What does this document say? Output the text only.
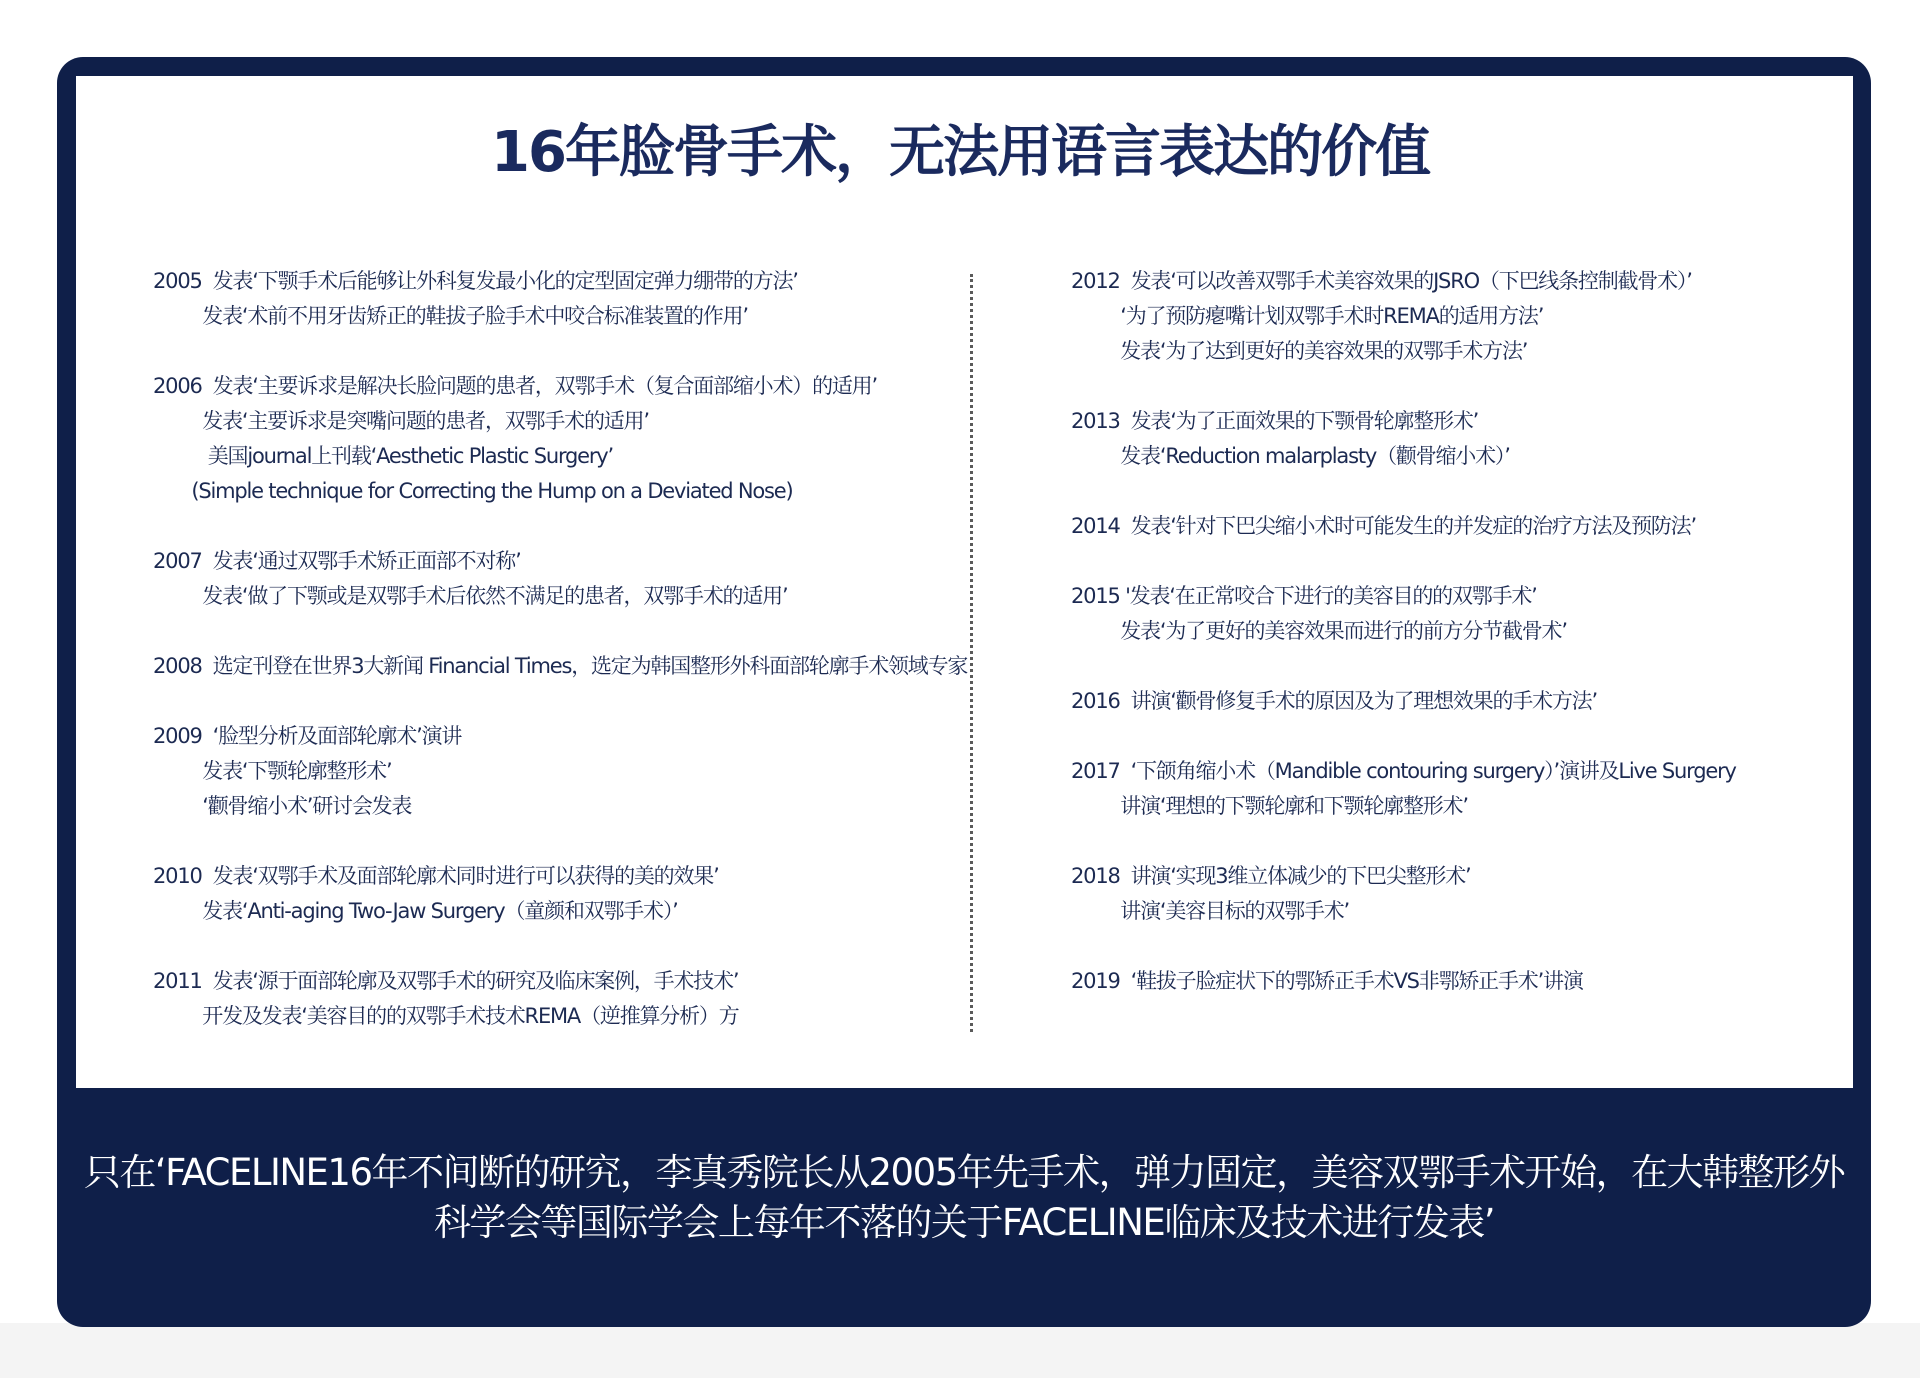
16年脸骨手术，无法用语言表达的价值
2005  发表‘下颚手术后能够让外科复发最小化的定型固定弹力绷带的方法’
发表‘术前不用牙齿矫正的鞋拔子脸手术中咬合标准装置的作用’
2006  发表‘主要诉求是解决长脸问题的患者，双鄂手术（复合面部缩小术）的适用’
发表‘主要诉求是突嘴问题的患者，双鄂手术的适用’
美国journal上刊载‘Aesthetic Plastic Surgery’
(Simple technique for Correcting the Hump on a Deviated Nose)
2007  发表‘通过双鄂手术矫正面部不对称’
发表‘做了下颚或是双鄂手术后依然不满足的患者，双鄂手术的适用’
2008  选定刊登在世界3大新闻 Financial Times，选定为韩国整形外科面部轮廓手术领域专家
2009  ‘脸型分析及面部轮廓术’演讲
发表‘下颚轮廓整形术’
‘颧骨缩小术’研讨会发表
2010  发表‘双鄂手术及面部轮廓术同时进行可以获得的美的效果’
发表‘Anti-aging Two-Jaw Surgery（童颜和双鄂手术）’
2011  发表‘源于面部轮廓及双鄂手术的研究及临床案例，手术技术’
开发及发表‘美容目的的双鄂手术技术REMA（逆推算分析）方
2012  发表‘可以改善双鄂手术美容效果的JSRO（下巴线条控制截骨术）’
‘为了预防瘪嘴计划双鄂手术时REMA的适用方法’
发表‘为了达到更好的美容效果的双鄂手术方法’
2013  发表‘为了正面效果的下颚骨轮廓整形术’
发表‘Reduction malarplasty（颧骨缩小术）’
2014  发表‘针对下巴尖缩小术时可能发生的并发症的治疗方法及预防法’
2015 '发表‘在正常咬合下进行的美容目的的双鄂手术’
发表‘为了更好的美容效果而进行的前方分节截骨术’
2016  讲演‘颧骨修复手术的原因及为了理想效果的手术方法’
2017  ‘下颌角缩小术（Mandible contouring surgery）’演讲及Live Surgery
讲演‘理想的下颚轮廓和下颚轮廓整形术’
2018  讲演‘实现3维立体减少的下巴尖整形术’
讲演‘美容目标的双鄂手术’
2019  ‘鞋拔子脸症状下的鄂矫正手术VS非鄂矫正手术’讲演
只在‘FACELINE16年不间断的研究，李真秀院长从2005年先手术，弹力固定，美容双鄂手术开始，在大韩整形外
科学会等国际学会上每年不落的关于FACELINE临床及技术进行发表’
